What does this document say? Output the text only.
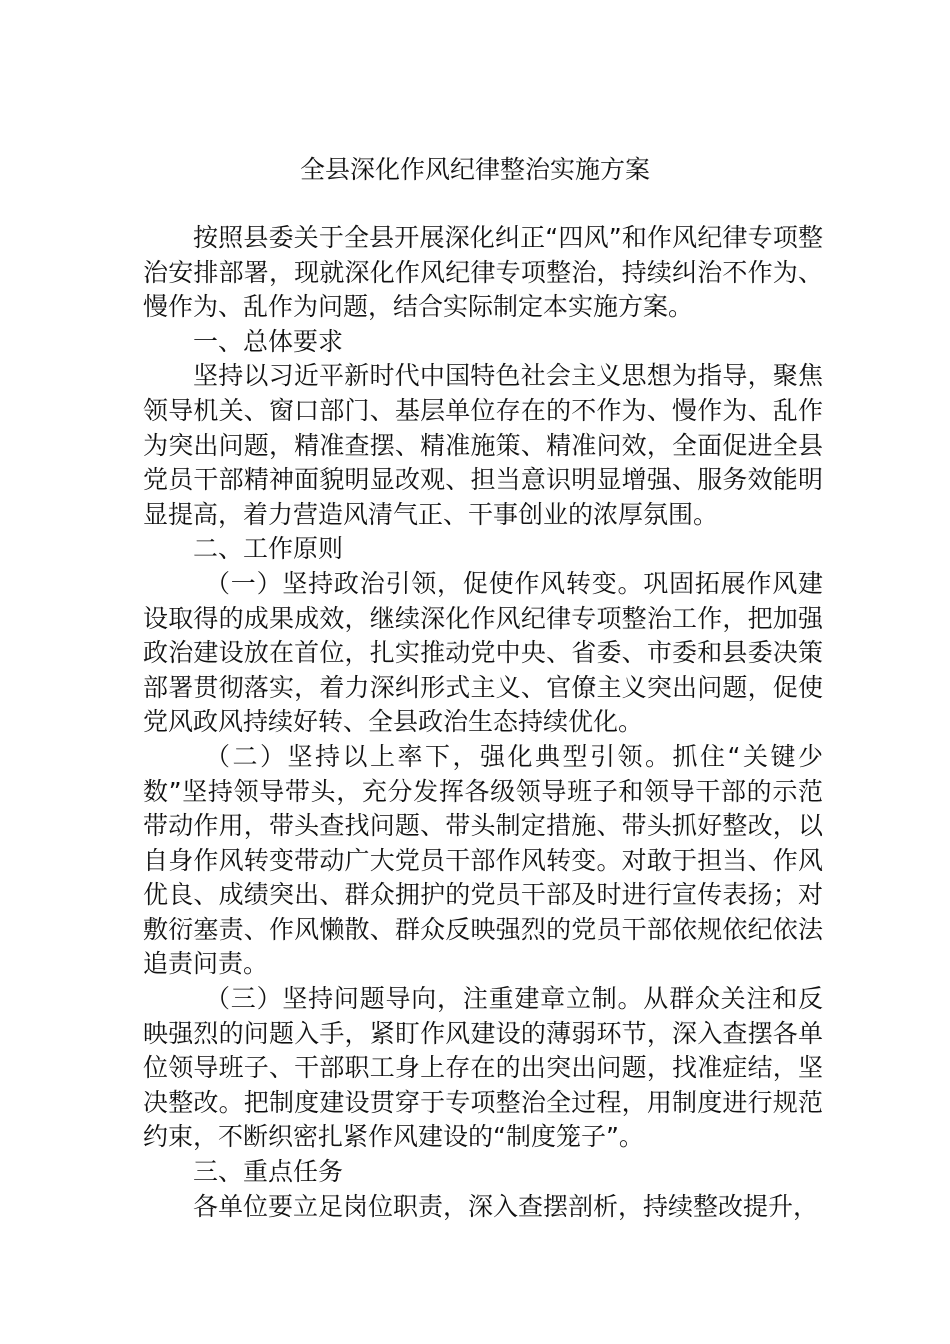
全县深化作风纪律整治实施方案

按照县委关于全县开展深化纠正“四风”和作风纪律专项整治安排部署，现就深化作风纪律专项整治，持续纠治不作为、慢作为、乱作为问题，结合实际制定本实施方案。

一、总体要求

坚持以习近平新时代中国特色社会主义思想为指导，聚焦领导机关、窗口部门、基层单位存在的不作为、慢作为、乱作为突出问题，精准查摆、精准施策、精准问效，全面促进全县党员干部精神面貌明显改观、担当意识明显增强、服务效能明显提高，着力营造风清气正、干事创业的浓厚氛围。

二、工作原则

（一）坚持政治引领，促使作风转变。巩固拓展作风建设取得的成果成效，继续深化作风纪律专项整治工作，把加强政治建设放在首位，扎实推动党中央、省委、市委和县委决策部署贯彻落实，着力深纠形式主义、官僚主义突出问题，促使党风政风持续好转、全县政治生态持续优化。

（二）坚持以上率下，强化典型引领。抓住“关键少数”坚持领导带头，充分发挥各级领导班子和领导干部的示范带动作用，带头查找问题、带头制定措施、带头抓好整改，以自身作风转变带动广大党员干部作风转变。对敢于担当、作风优良、成绩突出、群众拥护的党员干部及时进行宣传表扬；对敷衍塞责、作风懒散、群众反映强烈的党员干部依规依纪依法追责问责。

（三）坚持问题导向，注重建章立制。从群众关注和反映强烈的问题入手，紧盯作风建设的薄弱环节，深入查摆各单位领导班子、干部职工身上存在的出突出问题，找准症结，坚决整改。把制度建设贯穿于专项整治全过程，用制度进行规范约束，不断织密扎紧作风建设的“制度笼子”。

三、重点任务

各单位要立足岗位职责，深入查摆剖析，持续整改提升，
